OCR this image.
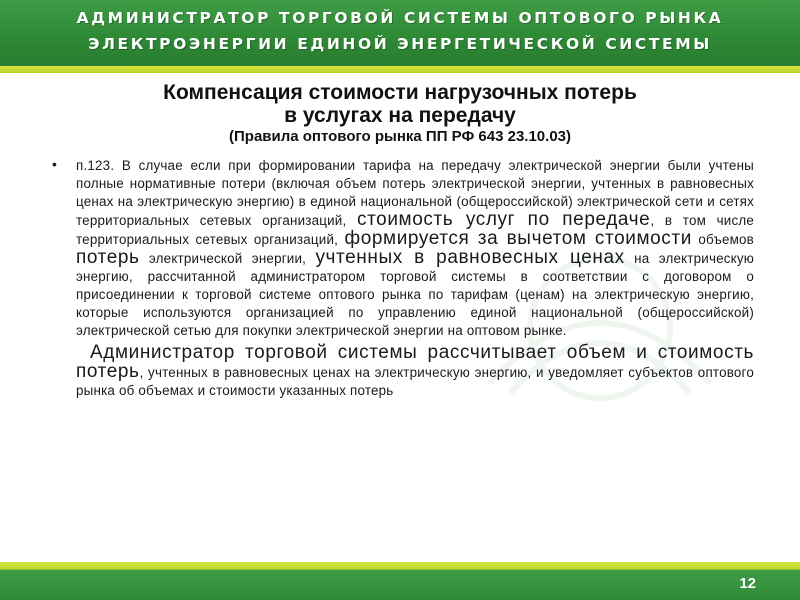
АДМИНИСТРАТОР ТОРГОВОЙ СИСТЕМЫ ОПТОВОГО РЫНКА
ЭЛЕКТРОЭНЕРГИИ ЕДИНОЙ ЭНЕРГЕТИЧЕСКОЙ СИСТЕМЫ
Компенсация стоимости нагрузочных потерь
в услугах на передачу
(Правила оптового рынка ПП РФ 643 23.10.03)
• п.123. В случае если при формировании тарифа на передачу электрической энергии были учтены полные нормативные потери (включая объем потерь электрической энергии, учтенных в равновесных ценах на электрическую энергию) в единой национальной (общероссийской) электрической сети и сетях территориальных сетевых организаций, стоимость услуг по передаче, в том числе территориальных сетевых организаций, формируется за вычетом стоимости объемов потерь электрической энергии, учтенных в равновесных ценах на электрическую энергию, рассчитанной администратором торговой системы в соответствии с договором о присоединении к торговой системе оптового рынка по тарифам (ценам) на электрическую энергию, которые используются организацией по управлению единой национальной (общероссийской) электрической сетью для покупки электрической энергии на оптовом рынке.
Администратор торговой системы рассчитывает объем и стоимость потерь, учтенных в равновесных ценах на электрическую энергию, и уведомляет субъектов оптового рынка об объемах и стоимости указанных потерь
12
